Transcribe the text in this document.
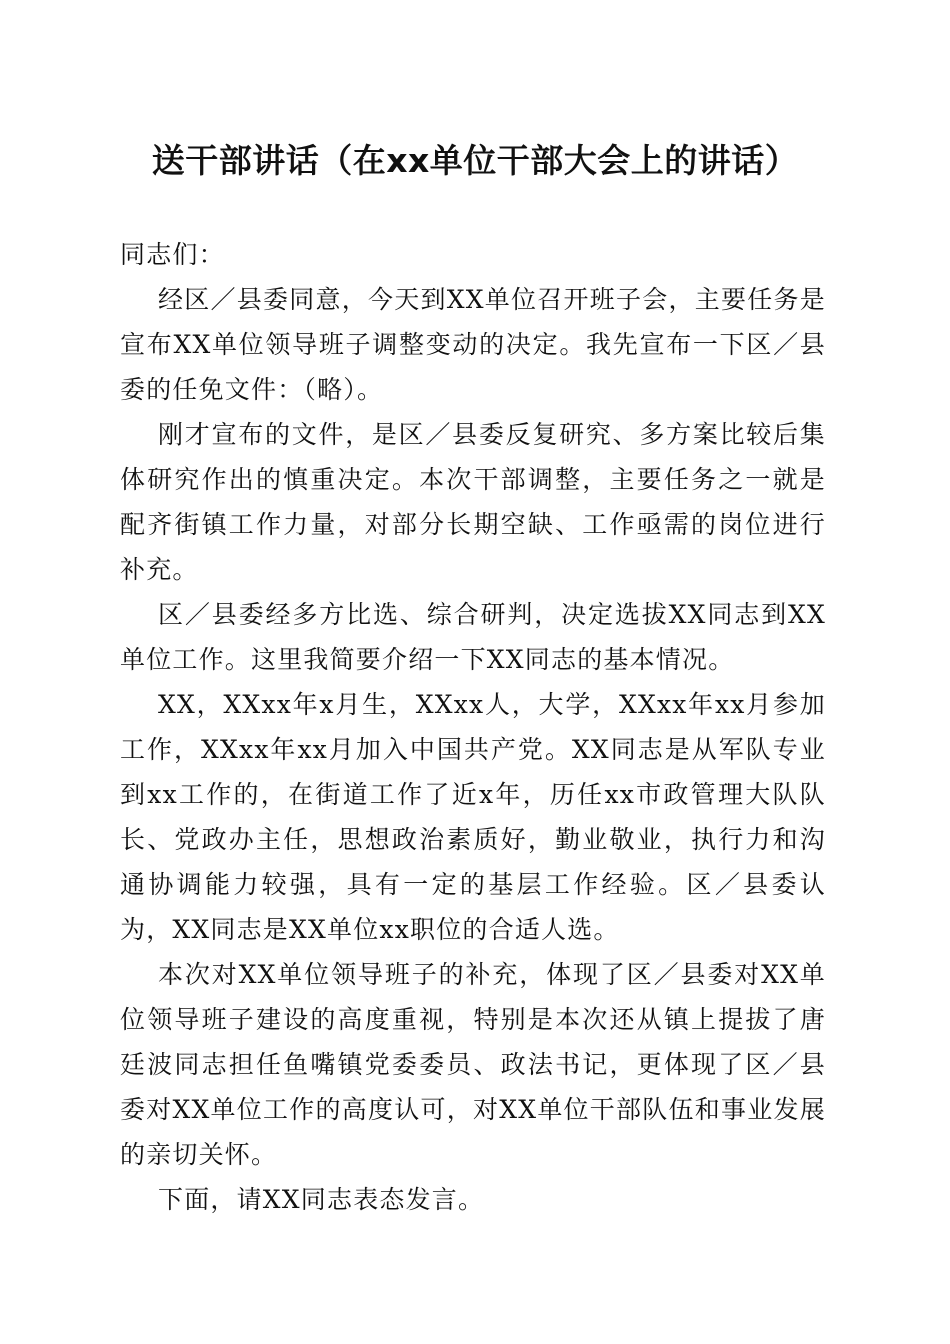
送干部讲话（在xx单位干部大会上的讲话）

同志们：

经区／县委同意，今天到XX单位召开班子会，主要任务是宣布XX单位领导班子调整变动的决定。我先宣布一下区／县委的任免文件：（略）。

刚才宣布的文件，是区／县委反复研究、多方案比较后集体研究作出的慎重决定。本次干部调整，主要任务之一就是配齐街镇工作力量，对部分长期空缺、工作亟需的岗位进行补充。

区／县委经多方比选、综合研判，决定选拔XX同志到XX单位工作。这里我简要介绍一下XX同志的基本情况。

XX，XXxx年x月生，XXxx人，大学，XXxx年xx月参加工作，XXxx年xx月加入中国共产党。XX同志是从军队专业到xx工作的，在街道工作了近x年，历任xx市政管理大队队长、党政办主任，思想政治素质好，勤业敬业，执行力和沟通协调能力较强，具有一定的基层工作经验。区／县委认为，XX同志是XX单位xx职位的合适人选。

本次对XX单位领导班子的补充，体现了区／县委对XX单位领导班子建设的高度重视，特别是本次还从镇上提拔了唐廷波同志担任鱼嘴镇党委委员、政法书记，更体现了区／县委对XX单位工作的高度认可，对XX单位干部队伍和事业发展的亲切关怀。

下面，请XX同志表态发言。
